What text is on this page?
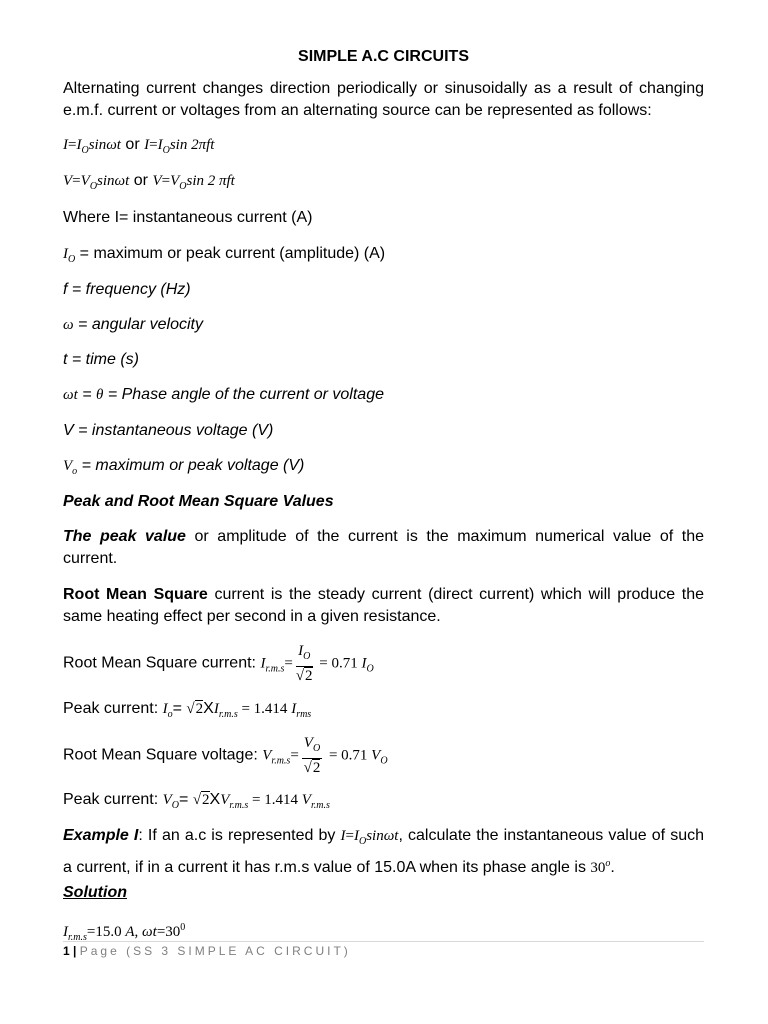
SIMPLE A.C CIRCUITS
Alternating current changes direction periodically or sinusoidally as a result of changing e.m.f. current or voltages from an alternating source can be represented as follows:
$I=I_O\sin\omega t$ or $I=I_O\sin$ 2πft
$V=V_O\sin\omega t$ or $V=V_O\sin$ 2 πft
Where I= instantaneous current (A)
$I_O$ = maximum or peak current (amplitude) (A)
f = frequency (Hz)
ω = angular velocity
t = time (s)
ωt = θ = Phase angle of the current or voltage
V = instantaneous voltage (V)
$V_o$ = maximum or peak voltage (V)
Peak and Root Mean Square Values
The peak value or amplitude of the current is the maximum numerical value of the current.
Root Mean Square current is the steady current (direct current) which will produce the same heating effect per second in a given resistance.
Root Mean Square current: $I_{r.m.s}= \frac{I_O}{√2} = 0.71$ $I_O$
Peak current: $I_o= √2XI_{r.m.s} = 1.414$ $I_{rms}$
Root Mean Square voltage: $V_{r.m.s}= \frac{V_O}{√2} = 0.71$ $V_O$
Peak current: $V_O= √2XV_{r.m.s} = 1.414$ $V_{r.m.s}$
Example I: If an a.c is represented by $I=I_O\sin\omega t$, calculate the instantaneous value of such a current, if in a current it has r.m.s value of 15.0A when its phase angle is 30$^o$.
Solution
$I_{r.m.s}=15.0$ A, $\omega t=30^0$
1 | Page (SS 3 SIMPLE AC CIRCUIT)
